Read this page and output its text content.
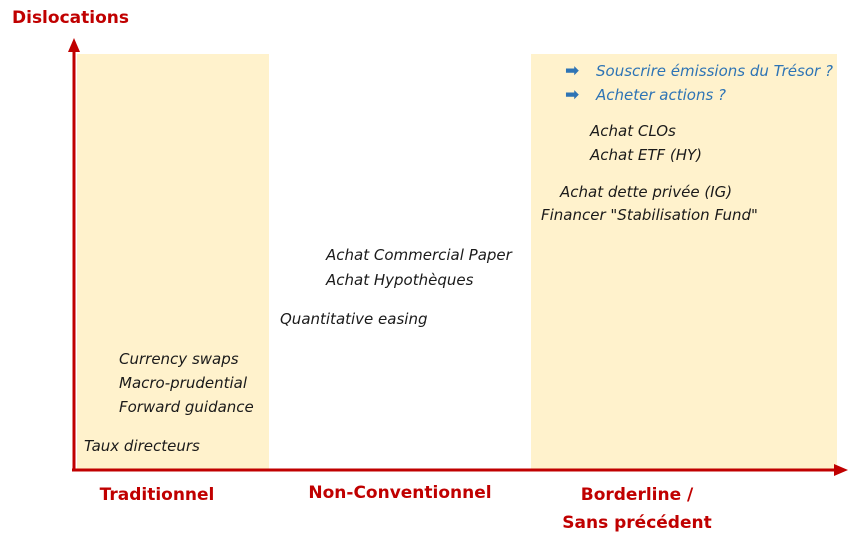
Dislocations
Currency swaps
Macro-prudential
Forward guidance
Taux directeurs
Achat Commercial Paper
Achat Hypothèques
Quantitative easing
➡ Souscrire émissions du Trésor ?
➡ Acheter actions ?
Achat CLOs
Achat ETF (HY)
Achat dette privée (IG)
Financer "Stabilisation Fund"
Traditionnel	Non-Conventionnel	Borderline /
Sans précédent
